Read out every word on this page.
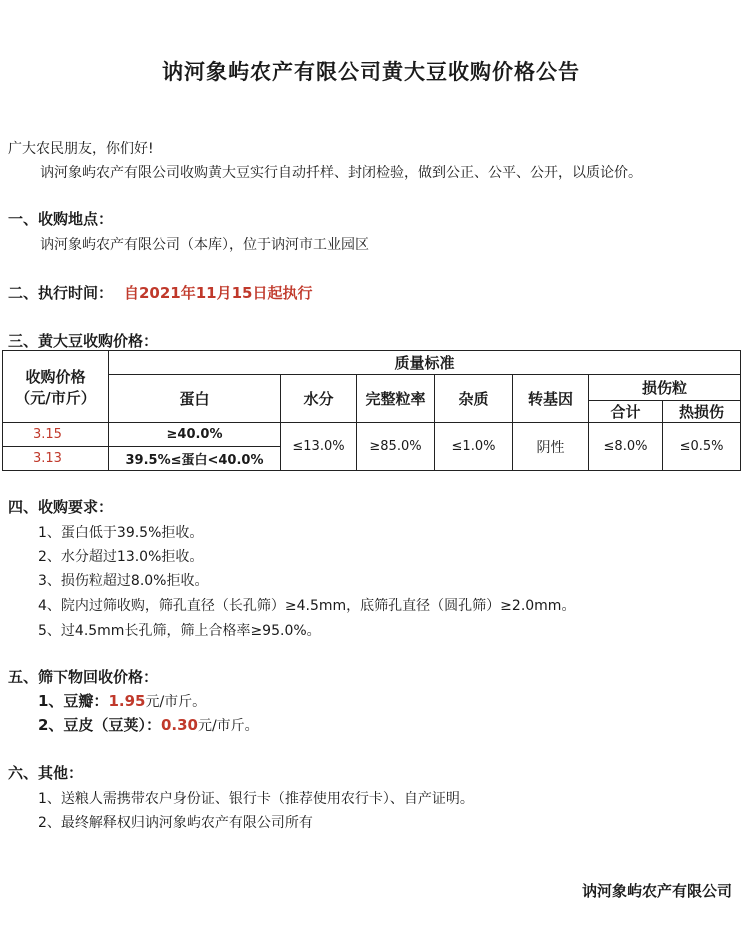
讷河象屿农产有限公司黄大豆收购价格公告
广大农民朋友，你们好!
讷河象屿农产有限公司收购黄大豆实行自动扦样、封闭检验，做到公正、公平、公开，以质论价。
一、收购地点：
讷河象屿农产有限公司（本库），位于讷河市工业园区
二、执行时间： 自2021年11月15日起执行
三、黄大豆收购价格：
收购价格
（元/市斤）	质量标准						
	蛋白	水分	完整粒率	杂质	转基因	损伤粒	
						合计	热损伤
3.15	≥40.0%	≤13.0%	≥85.0%	≤1.0%	阴性	≤8.0%	≤0.5%
3.13	39.5%≤蛋白<40.0%						
四、收购要求：
1、蛋白低于39.5%拒收。
2、水分超过13.0%拒收。
3、损伤粒超过8.0%拒收。
4、院内过筛收购，筛孔直径（长孔筛）≥4.5mm，底筛孔直径（圆孔筛）≥2.0mm。
5、过4.5mm长孔筛，筛上合格率≥95.0%。
五、筛下物回收价格：
1、豆瓣：1.95元/市斤。
2、豆皮（豆荚）：0.30元/市斤。
六、其他：
1、送粮人需携带农户身份证、银行卡（推荐使用农行卡）、自产证明。
2、最终解释权归讷河象屿农产有限公司所有
讷河象屿农产有限公司
